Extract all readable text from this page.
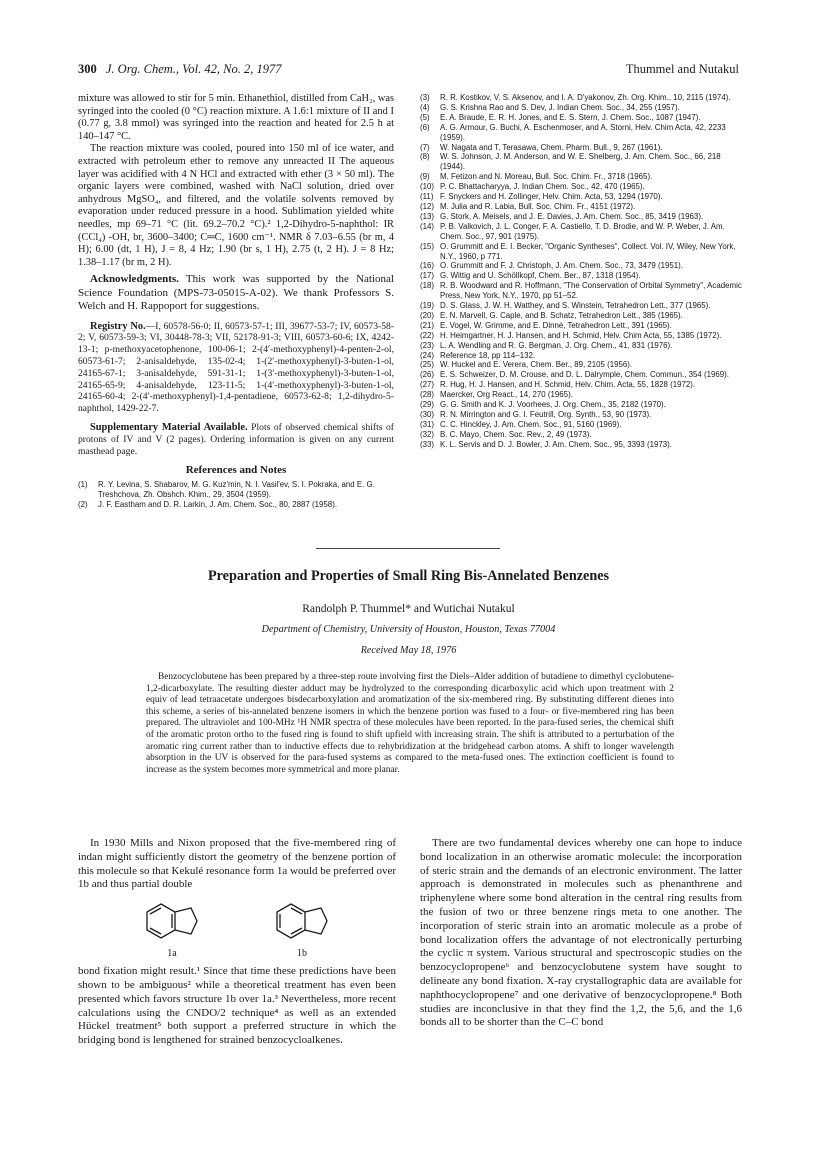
300 J. Org. Chem., Vol. 42, No. 2, 1977	Thummel and Nutakul

mixture was allowed to stir for 5 min. Ethanethiol, distilled from CaH₂, was syringed into the cooled (0 °C) reaction mixture. A 1.6:1 mixture of II and I (0.77 g, 3.8 mmol) was syringed into the reaction and heated for 2.5 h at 140–147 °C.

The reaction mixture was cooled, poured into 150 ml of ice water, and extracted with petroleum ether to remove any unreacted II The aqueous layer was acidified with 4 N HCl and extracted with ether (3 × 50 ml). The organic layers were combined, washed with NaCl solution, dried over anhydrous MgSO₄, and filtered, and the volatile solvents removed by evaporation under reduced pressure in a hood. Sublimation yielded white needles, mp 69–71 °C (lit. 69.2–70.2 °C).² 1,2-Dihydro-5-naphthol: IR (CCl₄) -OH, br, 3600–3400; C═C, 1600 cm⁻¹. NMR δ 7.03–6.55 (br m, 4 H); 6.00 (dt, 1 H), J = 8, 4 Hz; 1.90 (br s, 1 H), 2.75 (t, 2 H). J = 8 Hz; 1.38–1.17 (br m, 2 H).

Acknowledgments. This work was supported by the National Science Foundation (MPS-73-05015-A-02). We thank Professors S. Welch and H. Rappoport for suggestions.

Registry No.—I, 60578-56-0; II, 60573-57-1; III, 39677-53-7; IV, 60573-58-2; V, 60573-59-3; VI, 30448-78-3; VII, 52178-91-3; VIII, 60573-60-6; IX, 4242-13-1; p-methoxyacetophenone, 100-06-1; 2-(4′-methoxyphenyl)-4-penten-2-ol, 60573-61-7; 2-anisaldehyde, 135-02-4; 1-(2′-methoxyphenyl)-3-buten-1-ol, 24165-67-1; 3-anisaldehyde, 591-31-1; 1-(3′-methoxyphenyl)-3-buten-1-ol, 24165-65-9; 4-anisaldehyde, 123-11-5; 1-(4′-methoxyphenyl)-3-buten-1-ol, 24165-60-4; 2-(4′-methoxyphenyl)-1,4-pentadiene, 60573-62-8; 1,2-dihydro-5-naphthol, 1429-22-7.

Supplementary Material Available. Plots of observed chemical shifts of protons of IV and V (2 pages). Ordering information is given on any current masthead page.

References and Notes
(1)	R. Y. Levina, S. Shabarov, M. G. Kuz'min, N. I. Vasil'ev, S. I. Pokraka, and E. G. Treshchova, Zh. Obshch. Khim., 29, 3504 (1959).
(2)	J. F. Eastham and D. R. Larkin, J. Am. Chem. Soc., 80, 2887 (1958).
(3)	R. R. Kostikov, V. S. Aksenov, and I. A. D'yakonov, Zh. Org. Khim., 10, 2115 (1974).
(4)	G. S. Krishna Rao and S. Dev, J. Indian Chem. Soc., 34, 255 (1957).
(5)	E. A. Braude, E. R. H. Jones, and E. S. Stern, J. Chem. Soc., 1087 (1947).
(6)	A. G. Armour, G. Buchi, A. Eschenmoser, and A. Storni, Helv. Chim Acta, 42, 2233 (1959).
(7)	W. Nagata and T. Terasawa, Chem. Pharm. Bull., 9, 267 (1961).
(8)	W. S. Johnson, J. M. Anderson, and W. E. Shelberg, J. Am. Chem. Soc., 66, 218 (1944).
(9)	M. Fetizon and N. Moreau, Bull. Soc. Chim. Fr., 3718 (1965).
(10) P. C. Bhattacharyya, J. Indian Chem. Soc., 42, 470 (1965).
(11) F. Snyckers and H. Zollinger, Helv. Chim. Acta, 53, 1294 (1970).
(12) M. Julia and R. Labia, Bull. Soc. Chim. Fr., 4151 (1972).
(13) G. Stork, A. Meisels, and J. E. Davies, J. Am. Chem. Soc., 85, 3419 (1963).
(14) P. B. Valkovich, J. L. Conger, F. A. Castiello, T. D. Brodie, and W. P. Weber, J. Am. Chem. Soc., 97, 901 (1975).
(15) O. Grummitt and E. I. Becker, "Organic Syntheses", Collect. Vol. IV, Wiley, New York, N.Y., 1960, p 771.
(16) O. Grummitt and F. J. Christoph, J. Am. Chem. Soc., 73, 3479 (1951).
(17) G. Wittig and U. Schöllkopf, Chem. Ber., 87, 1318 (1954).
(18) R. B. Woodward and R. Hoffmann, "The Conservation of Orbital Symmetry", Academic Press, New York, N.Y., 1970, pp 51–52.
(19) D. S. Glass, J. W. H. Watthey, and S. Winstein, Tetrahedron Lett., 377 (1965).
(20) E. N. Marvell, G. Caple, and B. Schatz, Tetrahedron Lett., 385 (1965).
(21) E. Vogel, W. Grimme, and E. Dinnė, Tetrahedron Lett., 391 (1965).
(22) H. Heimgartner, H. J. Hansen, and H. Schmid, Helv. Chim Acta, 55, 1385 (1972).
(23) L. A. Wendling and R. G. Bergman, J. Org. Chem., 41, 831 (1976).
(24) Reference 18, pp 114–132.
(25) W. Huckel and E. Verera, Chem. Ber., 89, 2105 (1956).
(26) E. S. Schweizer, D. M. Crouse, and D. L. Dalrymple, Chem. Commun., 354 (1969).
(27) R. Hug, H. J. Hansen, and H. Schmid, Helv. Chim. Acta, 55, 1828 (1972).
(28) Maercker, Org React., 14, 270 (1965).
(29) G. G. Smith and K. J. Voorhees, J. Org. Chem., 35, 2182 (1970).
(30) R. N. Mirrington and G. I. Feutrill, Org. Synth., 53, 90 (1973).
(31) C. C. Hinckley, J. Am. Chem. Soc., 91, 5160 (1969).
(32) B. C. Mayo, Chem. Soc. Rev., 2, 49 (1973).
(33) K. L. Servis and D. J. Bowler, J. Am. Chem. Soc., 95, 3393 (1973).
Preparation and Properties of Small Ring Bis-Annelated Benzenes
Randolph P. Thummel* and Wutichai Nutakul
Department of Chemistry, University of Houston, Houston, Texas 77004
Received May 18, 1976

Benzocyclobutene has been prepared by a three-step route involving first the Diels–Alder addition of butadiene to dimethyl cyclobutene-1,2-dicarboxylate. The resulting diester adduct may be hydrolyzed to the corresponding dicarboxylic acid which upon treatment with 2 equiv of lead tetraacetate undergoes bisdecarboxylation and aromatization of the six-membered ring. By substituting different dienes into this scheme, a series of bis-annelated benzene isomers in which the benzene portion was fused to a four- or five-membered ring has been prepared. The ultraviolet and 100-MHz ¹H NMR spectra of these molecules have been reported. In the para-fused series, the chemical shift of the aromatic proton ortho to the fused ring is found to shift upfield with increasing strain. The shift is attributed to a perturbation of the aromatic ring current rather than to inductive effects due to rehybridization at the bridgehead carbon atoms. A shift to longer wavelength absorption in the UV is observed for the para-fused systems as compared to the meta-fused ones. The extinction coefficient is found to increase as the system becomes more symmetrical and more planar.

In 1930 Mills and Nixon proposed that the five-membered ring of indan might sufficiently distort the geometry of the benzene portion of this molecule so that Kekulé resonance form 1a would be preferred over 1b and thus partial double

1a	1b

bond fixation might result.¹ Since that time these predictions have been shown to be ambiguous² while a theoretical treatment has even been presented which favors structure 1b over 1a.³ Nevertheless, more recent calculations using the CNDO/2 technique⁴ as well as an extended Hückel treatment⁵ both support a preferred structure in which the bridging bond is lengthened for strained benzocycloalkenes.

There are two fundamental devices whereby one can hope to induce bond localization in an otherwise aromatic molecule: the incorporation of steric strain and the demands of an electronic environment. The latter approach is demonstrated in molecules such as phenanthrene and triphenylene where some bond alteration in the central ring results from the fusion of two or three benzene rings meta to one another. The incorporation of steric strain into an aromatic molecule as a probe of bond localization offers the advantage of not electronically perturbing the cyclic π system. Various structural and spectroscopic studies on the benzocyclopropene⁶ and benzocyclobutene system have sought to delineate any bond fixation. X-ray crystallographic data are available for naphthocyclopropene⁷ and one derivative of benzocyclopropene.⁸ Both studies are inconclusive in that they find the 1,2, the 5,6, and the 1,6 bonds all to be shorter than the C–C bond
